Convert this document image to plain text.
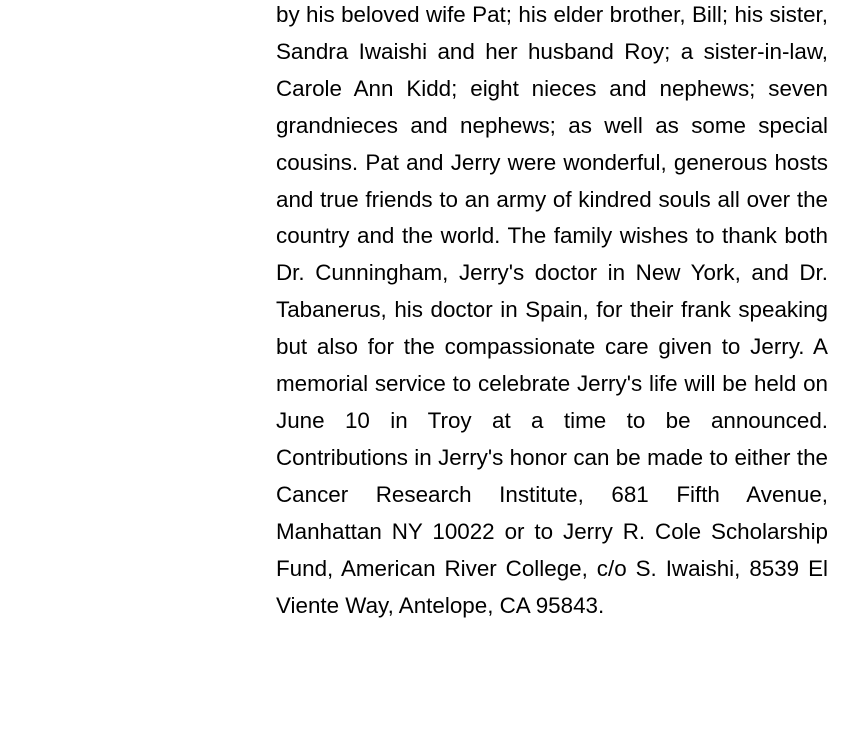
by his beloved wife Pat; his elder brother, Bill; his sister, Sandra Iwaishi and her husband Roy; a sister-in-law, Carole Ann Kidd; eight nieces and nephews; seven grandnieces and nephews; as well as some special cousins. Pat and Jerry were wonderful, generous hosts and true friends to an army of kindred souls all over the country and the world. The family wishes to thank both Dr. Cunningham, Jerry's doctor in New York, and Dr. Tabanerus, his doctor in Spain, for their frank speaking but also for the compassionate care given to Jerry. A memorial service to celebrate Jerry's life will be held on June 10 in Troy at a time to be announced. Contributions in Jerry's honor can be made to either the Cancer Research Institute, 681 Fifth Avenue, Manhattan NY 10022 or to Jerry R. Cole Scholarship Fund, American River College, c/o S. Iwaishi, 8539 El Viente Way, Antelope, CA 95843.
